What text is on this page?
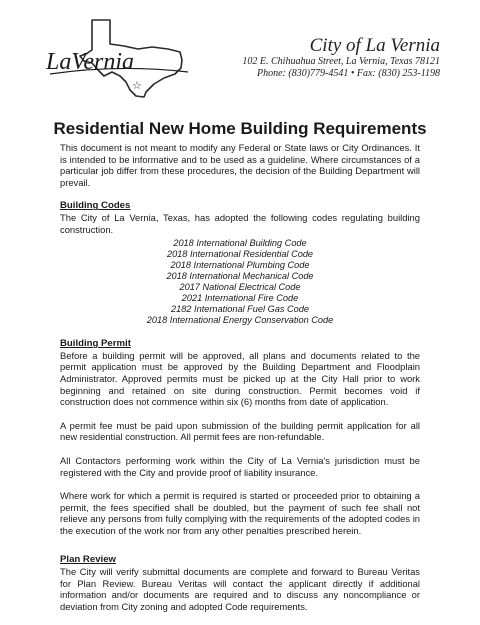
LaVernia
☆
City of La Vernia
102 E. Chihuahua Street, La Vernia, Texas 78121
Phone: (830)779-4541 • Fax: (830) 253-1198
Residential New Home Building Requirements

This document is not meant to modify any Federal or State laws or City Ordinances. It is intended to be informative and to be used as a guideline. Where circumstances of a particular job differ from these procedures, the decision of the Building Department will prevail.

Building Codes

The City of La Vernia, Texas, has adopted the following codes regulating building construction.

2018 International Building Code
2018 International Residential Code
2018 International Plumbing Code
2018 International Mechanical Code
2017 National Electrical Code
2021 International Fire Code
2182 International Fuel Gas Code
2018 International Energy Conservation Code
Building Permit

Before a building permit will be approved, all plans and documents related to the permit application must be approved by the Building Department and Floodplain Administrator. Approved permits must be picked up at the City Hall prior to work beginning and retained on site during construction. Permit becomes void if construction does not commence within six (6) months from date of application.

A permit fee must be paid upon submission of the building permit application for all new residential construction. All permit fees are non-refundable.

All Contactors performing work within the City of La Vernia's jurisdiction must be registered with the City and provide proof of liability insurance.

Where work for which a permit is required is started or proceeded prior to obtaining a permit, the fees specified shall be doubled, but the payment of such fee shall not relieve any persons from fully complying with the requirements of the adopted codes in the execution of the work nor from any other penalties prescribed herein.

Plan Review

The City will verify submittal documents are complete and forward to Bureau Veritas for Plan Review. Bureau Veritas will contact the applicant directly if additional information and/or documents are required and to discuss any noncompliance or deviation from City zoning and adopted Code requirements.
